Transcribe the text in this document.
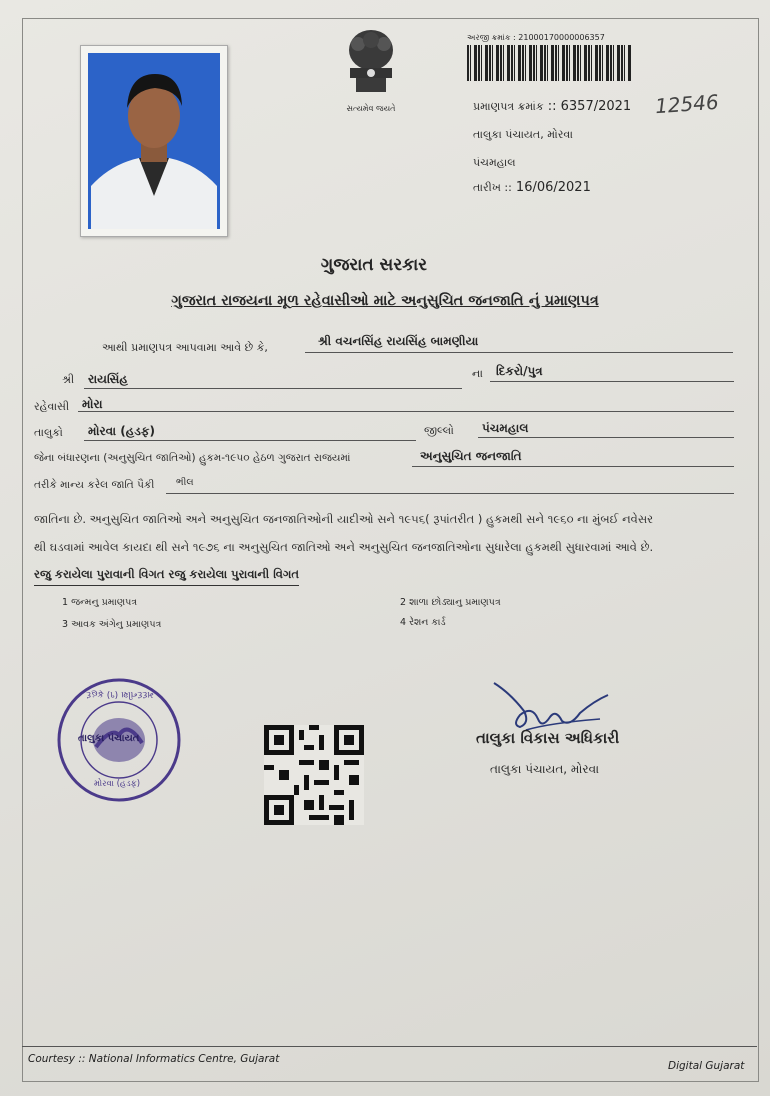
સત્યમેવ જયતે
અરજી ક્રમાંક : 21000170000006357
પ્રમાણપત્ર ક્રમાંક :: 6357/2021 12546
તાલુકા પંચાયત, મોરવા
પંચમહાલ
તારીખ :: 16/06/2021
ગુજરાત સરકાર
ગુજરાત રાજયના મૂળ રહેવાસીઓ માટે અનુસુચિત જનજાતિ નું પ્રમાણપત્ર
આથી પ્રમાણપત્ર આપવામા આવે છે કે,	શ્રી વચનસિંહ રાયસિંહ બામણીયા
શ્રી રાયસિંહ	ના દિકરો/પુત્ર
રહેવાસી મોરા
તાલુકો મોરવા (હડફ)	જીલ્લો પંચમહાલ
જેના બંધારણના (અનુસુચિત જાતિઓ) હુકમ-૧૯૫૦ હેઠળ ગુજરાત રાજયમાં	અનુસુચિત જનજાતિ
તરીકે માન્ય કરેલ જાતિ પૈકી ભીલ
જાતિના છે. અનુસુચિત જાતિઓ અને અનુસુચિત જનજાતિઓની યાદીઓ સને ૧૯૫૬( રૂપાંતરીત ) હુકમથી સને ૧૯૬૦ ના મુંબઈ નવેસર
થી ઘડવામાં આવેલ કાયદા થી સને ૧૯૭૬ ના અનુસુચિત જાતિઓ અને અનુસુચિત જનજાતિઓના સુધારેલા હુકમથી સુધારવામાં આવે છે.
રજુ કરાયેલા પુરાવાની વિગત રજુ કરાયેલા પુરાવાની વિગત
1 જન્મનુ પ્રમાણપત્ર	2 શાળા છોડ્યાનુ પ્રમાણપત્ર
3 આવક અંગેનુ પ્રમાણપત્ર	4 રેશન કાર્ડ
મદદનીશ (૧) ફહદ
તાલુકા પંચાયત
મોરવા (હડફ)
તાલુકા વિકાસ અધિકારી
તાલુકા પંચાયત, મોરવા
Courtesy :: National Informatics Centre, Gujarat
Digital Gujarat
